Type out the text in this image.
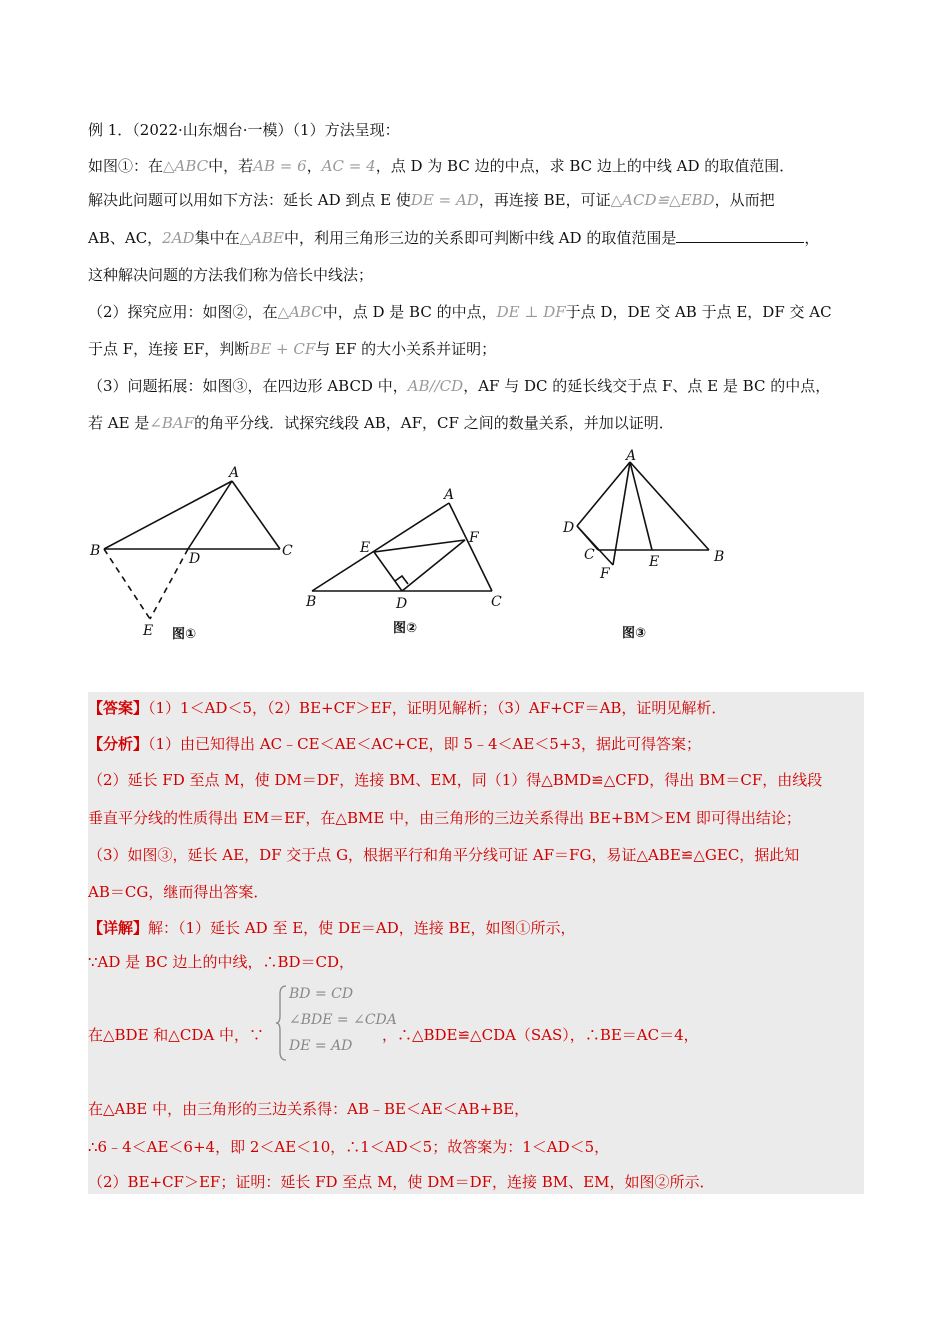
例 1．（2022·山东烟台·一模）（1）方法呈现：
如图①：在△ABC中，若AB = 6，AC = 4，点 D 为 BC 边的中点，求 BC 边上的中线 AD 的取值范围．
解决此问题可以用如下方法：延长 AD 到点 E 使DE = AD，再连接 BE，可证△ACD≌△EBD，从而把
AB、AC，2AD集中在△ABE中，利用三角形三边的关系即可判断中线 AD 的取值范围是	，
这种解决问题的方法我们称为倍长中线法；
（2）探究应用：如图②，在△ABC中，点 D 是 BC 的中点，DE ⊥ DF于点 D，DE 交 AB 于点 E，DF 交 AC
于点 F，连接 EF，判断BE + CF与 EF 的大小关系并证明；
（3）问题拓展：如图③，在四边形 ABCD 中，AB//CD，AF 与 DC 的延长线交于点 F、点 E 是 BC 的中点，
若 AE 是∠BAF的角平分线．试探究线段 AB，AF，CF 之间的数量关系，并加以证明．
A
B	C
D
E 图①
A
B	C
D
E
F
图②
A
B
C
D
E
F
图③
【答案】（1）1＜AD＜5，（2）BE+CF＞EF，证明见解析；（3）AF+CF＝AB，证明见解析．
【分析】（1）由已知得出 AC﹣CE＜AE＜AC+CE，即 5﹣4＜AE＜5+3，据此可得答案；
（2）延长 FD 至点 M，使 DM＝DF，连接 BM、EM，同（1）得△BMD≌△CFD，得出 BM＝CF，由线段
垂直平分线的性质得出 EM＝EF，在△BME 中，由三角形的三边关系得出 BE+BM＞EM 即可得出结论；
（3）如图③，延长 AE，DF 交于点 G，根据平行和角平分线可证 AF＝FG，易证△ABE≌△GEC，据此知
AB＝CG，继而得出答案．
【详解】解：（1）延长 AD 至 E，使 DE＝AD，连接 BE，如图①所示，
∵AD 是 BC 边上的中线，∴BD＝CD，
在△BDE 和△CDA 中，∵	，∴△BDE≌△CDA（SAS），∴BE＝AC＝4，
BD = CD
∠BDE = ∠CDA
DE = AD
在△ABE 中，由三角形的三边关系得：AB﹣BE＜AE＜AB+BE，
∴6﹣4＜AE＜6+4，即 2＜AE＜10，∴1＜AD＜5；故答案为：1＜AD＜5，
（2）BE+CF＞EF；证明：延长 FD 至点 M，使 DM＝DF，连接 BM、EM，如图②所示．
